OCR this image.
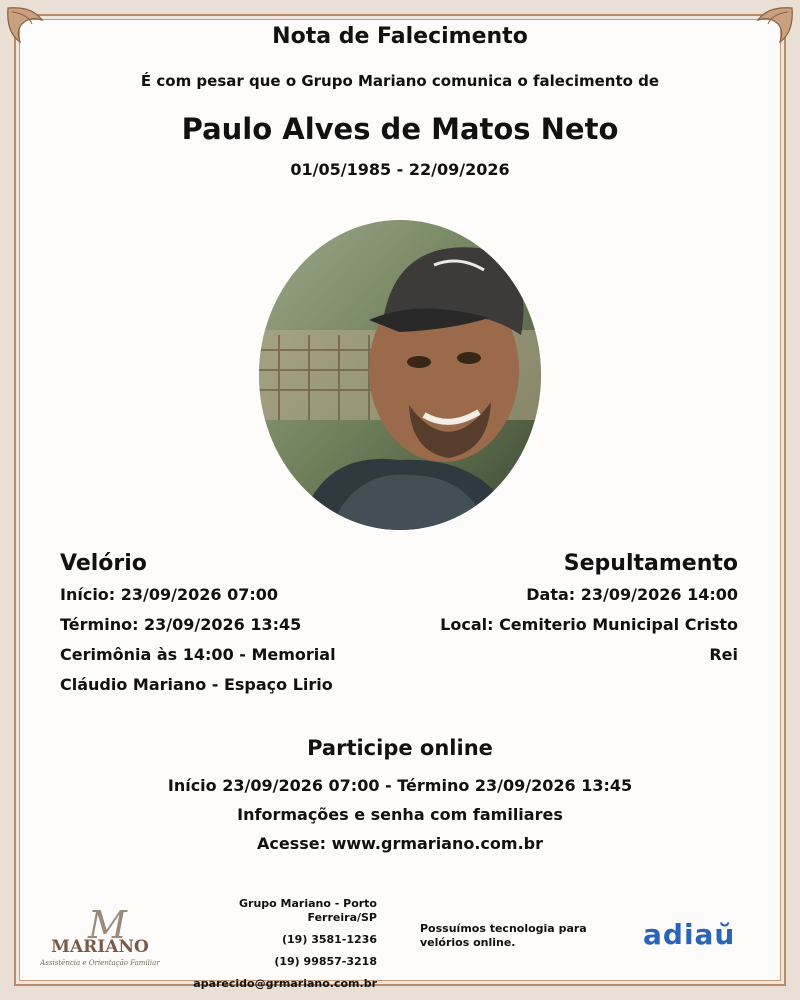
Nota de Falecimento
É com pesar que o Grupo Mariano comunica o falecimento de
Paulo Alves de Matos Neto
01/05/1985 - 22/09/2026
Velório
Início: 23/09/2026 07:00
Término: 23/09/2026 13:45
Cerimônia às 14:00 - Memorial
Cláudio Mariano - Espaço Lirio
Sepultamento
Data: 23/09/2026 14:00
Local: Cemiterio Municipal Cristo
Rei
Participe online
Início 23/09/2026 07:00 - Término 23/09/2026 13:45
Informações e senha com familiares
Acesse: www.grmariano.com.br
M
MARIANO
Assistência e Orientação Familiar
Grupo Mariano - Porto Ferreira/SP
(19) 3581-1236
(19) 99857-3218
aparecido@grmariano.com.br
Possuímos tecnologia para velórios online.	adiaŭ
